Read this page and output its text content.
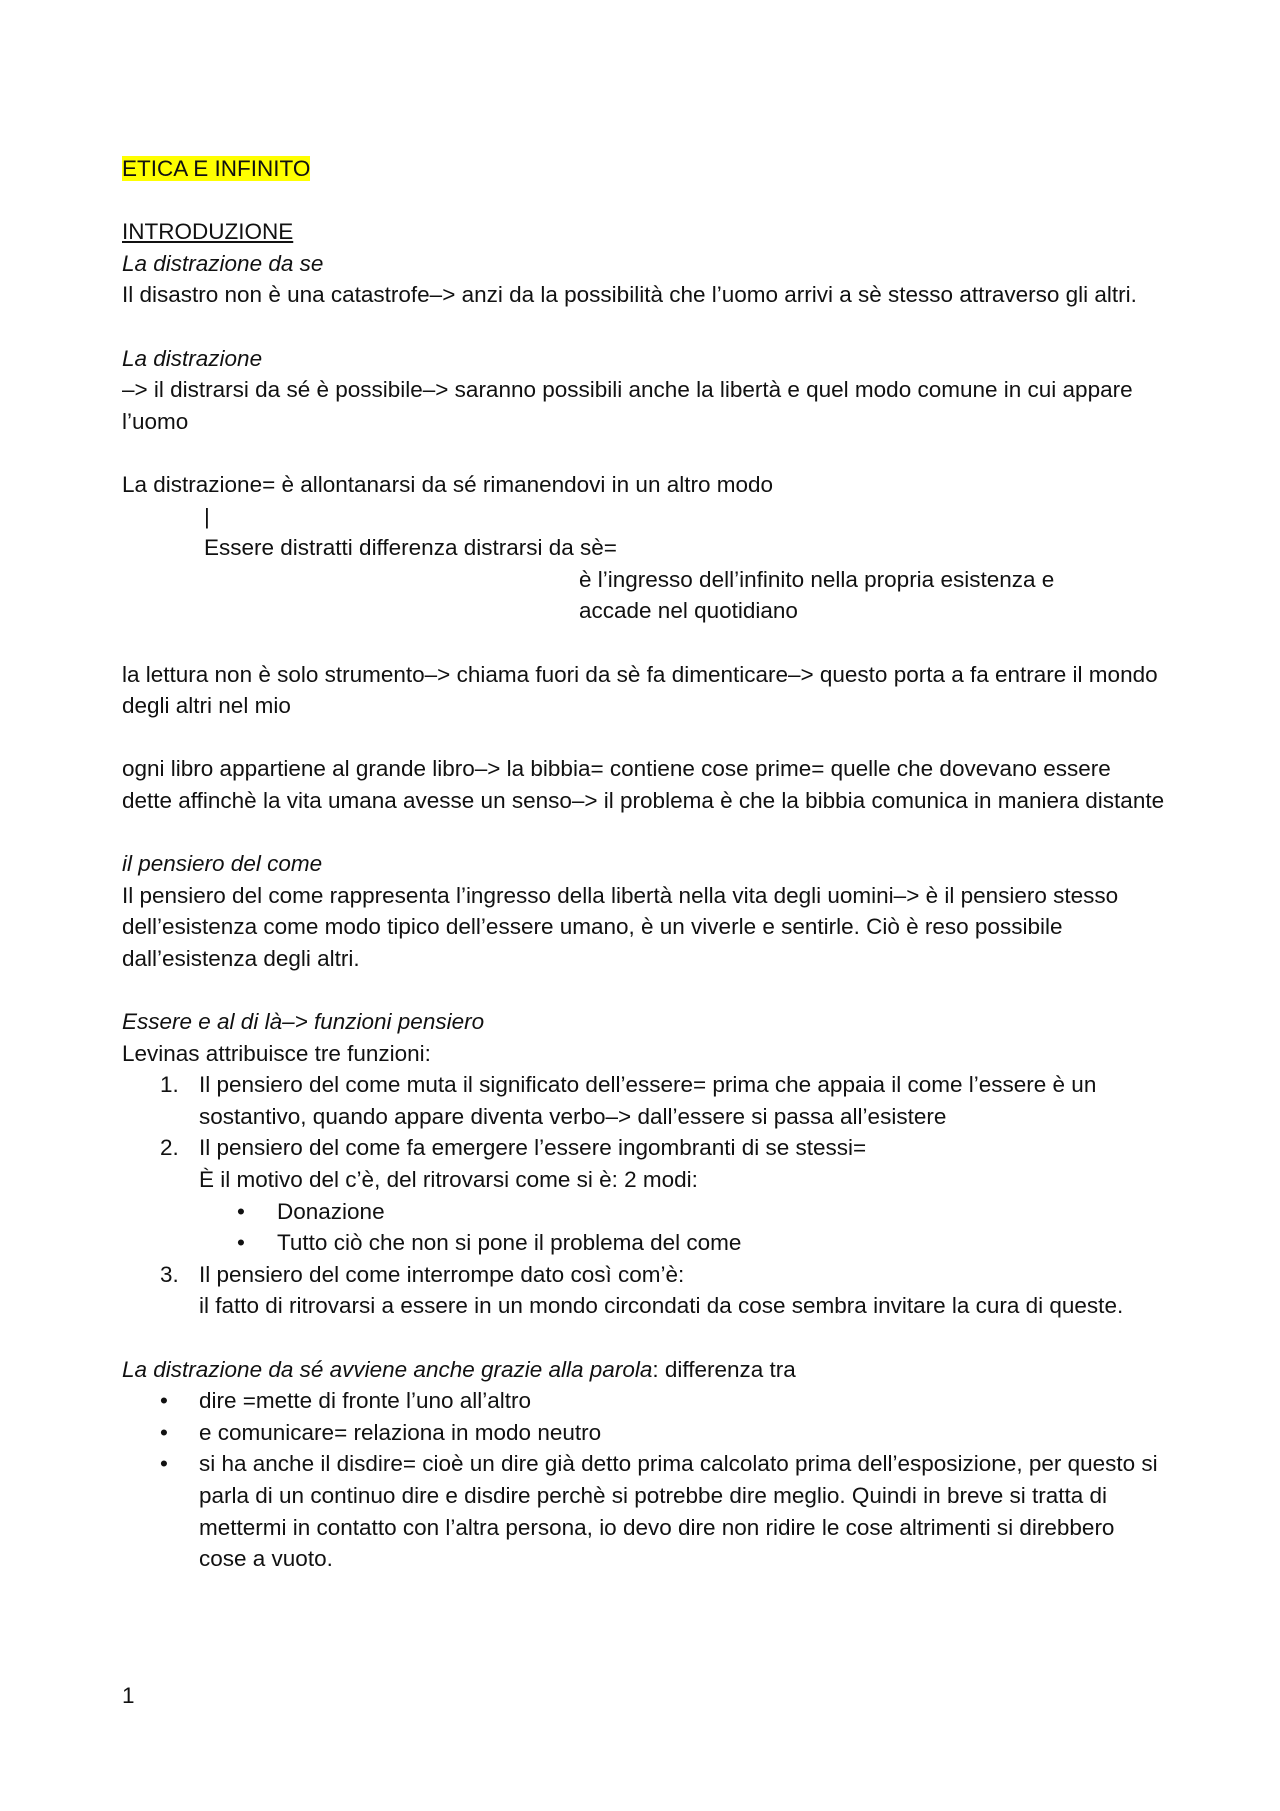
ETICA E INFINITO
INTRODUZIONE
La distrazione da se
Il disastro non è una catastrofe–> anzi da la possibilità che l’uomo arrivi a sè stesso attraverso gli altri.
La distrazione
–> il distrarsi da sé è possibile–> saranno possibili anche la libertà e quel modo comune in cui appare l’uomo
La distrazione= è allontanarsi da sé rimanendovi in un altro modo
|
Essere distratti differenza distrarsi da sè=
è l’ingresso dell’infinito nella propria esistenza e
accade nel quotidiano
la lettura non è solo strumento–> chiama fuori da sè fa dimenticare–> questo porta a fa entrare il mondo degli altri nel mio
ogni libro appartiene al grande libro–> la bibbia= contiene cose prime= quelle che dovevano essere dette affinchè la vita umana avesse un senso–> il problema è che la bibbia comunica in maniera distante
il pensiero del come
Il pensiero del come rappresenta l’ingresso della libertà nella vita degli uomini–> è il pensiero stesso dell’esistenza come modo tipico dell’essere umano, è un viverle e sentirle. Ciò è reso possibile dall’esistenza degli altri.
Essere e al di là–> funzioni pensiero
Levinas attribuisce tre funzioni:
1. Il pensiero del come muta il significato dell’essere= prima che appaia il come l’essere è un sostantivo, quando appare diventa verbo–> dall’essere si passa all’esistere
2. Il pensiero del come fa emergere l’essere ingombranti di se stessi=
È il motivo del c’è, del ritrovarsi come si è: 2 modi:
• Donazione
• Tutto ciò che non si pone il problema del come
3. Il pensiero del come interrompe dato così com’è:
il fatto di ritrovarsi a essere in un mondo circondati da cose sembra invitare la cura di queste.
La distrazione da sé avviene anche grazie alla parola: differenza tra
• dire =mette di fronte l’uno all’altro
• e comunicare= relaziona in modo neutro
• si ha anche il disdire= cioè un dire già detto prima calcolato prima dell’esposizione, per questo si parla di un continuo dire e disdire perchè si potrebbe dire meglio. Quindi in breve si tratta di mettermi in contatto con l’altra persona, io devo dire non ridire le cose altrimenti si direbbero cose a vuoto.
1
